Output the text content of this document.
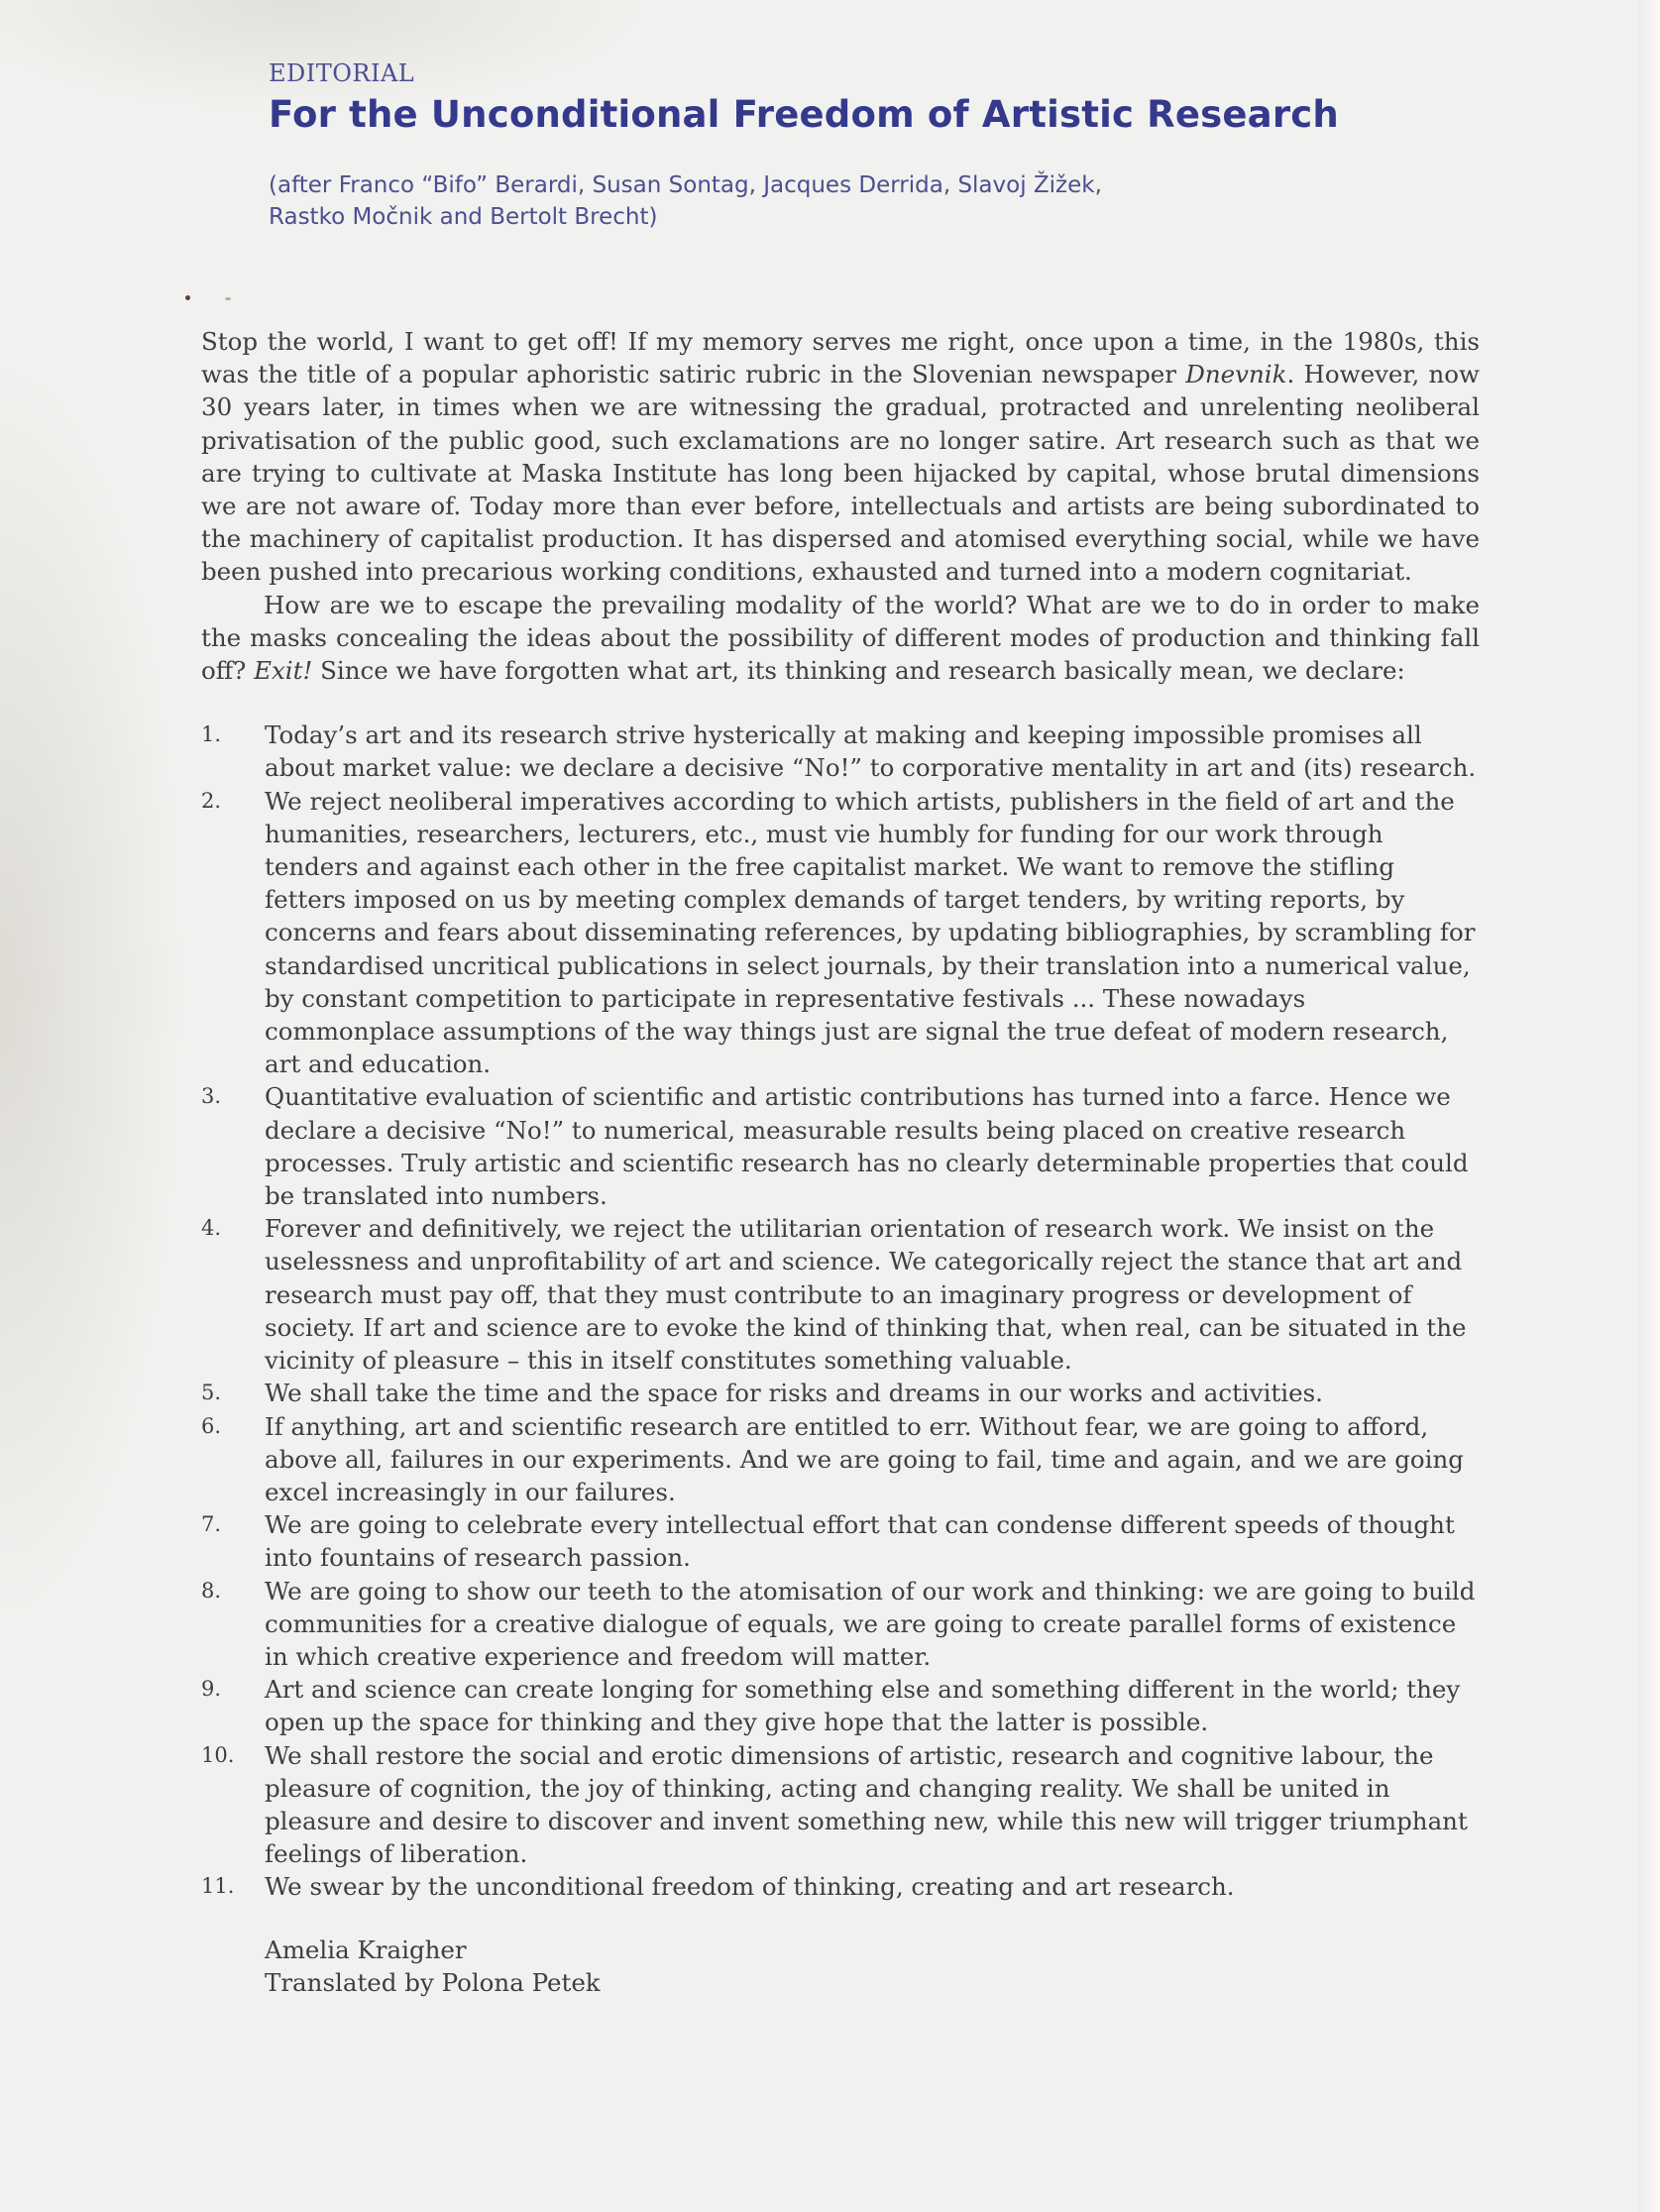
EDITORIAL
For the Unconditional Freedom of Artistic Research
(after Franco “Bifo” Berardi, Susan Sontag, Jacques Derrida, Slavoj Žižek,
Rastko Močnik and Bertolt Brecht)

Stop the world, I want to get off! If my memory serves me right, once upon a time, in the 1980s, this was the title of a popular aphoristic satiric rubric in the Slovenian newspaper Dnevnik. However, now 30 years later, in times when we are witnessing the gradual, protracted and unrelenting neoliberal privatisation of the public good, such exclamations are no longer satire. Art research such as that we are trying to cultivate at Maska Institute has long been hijacked by capital, whose brutal dimensions we are not aware of. Today more than ever before, intellectuals and artists are being subordinated to the machinery of capitalist production. It has dispersed and atomised everything social, while we have been pushed into precarious working conditions, exhausted and turned into a modern cognitariat.

How are we to escape the prevailing modality of the world? What are we to do in order to make the masks concealing the ideas about the possibility of different modes of production and thinking fall off? Exit! Since we have forgotten what art, its thinking and research basically mean, we declare:

1.	Today’s art and its research strive hysterically at making and keeping impossible promises all about market value: we declare a decisive “No!” to corporative mentality in art and (its) research.
2.	We reject neoliberal imperatives according to which artists, publishers in the field of art and the humanities, researchers, lecturers, etc., must vie humbly for funding for our work through tenders and against each other in the free capitalist market. We want to remove the stifling fetters imposed on us by meeting complex demands of target tenders, by writing reports, by concerns and fears about disseminating references, by updating bibliographies, by scrambling for standardised uncritical publications in select journals, by their translation into a numerical value, by constant competition to participate in representative festivals ... These nowadays commonplace assumptions of the way things just are signal the true defeat of modern research, art and education.
3.	Quantitative evaluation of scientific and artistic contributions has turned into a farce. Hence we declare a decisive “No!” to numerical, measurable results being placed on creative research processes. Truly artistic and scientific research has no clearly determinable properties that could be translated into numbers.
4.	Forever and definitively, we reject the utilitarian orientation of research work. We insist on the uselessness and unprofitability of art and science. We categorically reject the stance that art and research must pay off, that they must contribute to an imaginary progress or development of society. If art and science are to evoke the kind of thinking that, when real, can be situated in the vicinity of pleasure – this in itself constitutes something valuable.
5.	We shall take the time and the space for risks and dreams in our works and activities.
6.	If anything, art and scientific research are entitled to err. Without fear, we are going to afford, above all, failures in our experiments. And we are going to fail, time and again, and we are going excel increasingly in our failures.
7.	We are going to celebrate every intellectual effort that can condense different speeds of thought into fountains of research passion.
8.	We are going to show our teeth to the atomisation of our work and thinking: we are going to build communities for a creative dialogue of equals, we are going to create parallel forms of existence in which creative experience and freedom will matter.
9.	Art and science can create longing for something else and something different in the world; they open up the space for thinking and they give hope that the latter is possible.
10.	We shall restore the social and erotic dimensions of artistic, research and cognitive labour, the pleasure of cognition, the joy of thinking, acting and changing reality. We shall be united in pleasure and desire to discover and invent something new, while this new will trigger triumphant feelings of liberation.
11.	We swear by the unconditional freedom of thinking, creating and art research.
Amelia Kraigher
Translated by Polona Petek
